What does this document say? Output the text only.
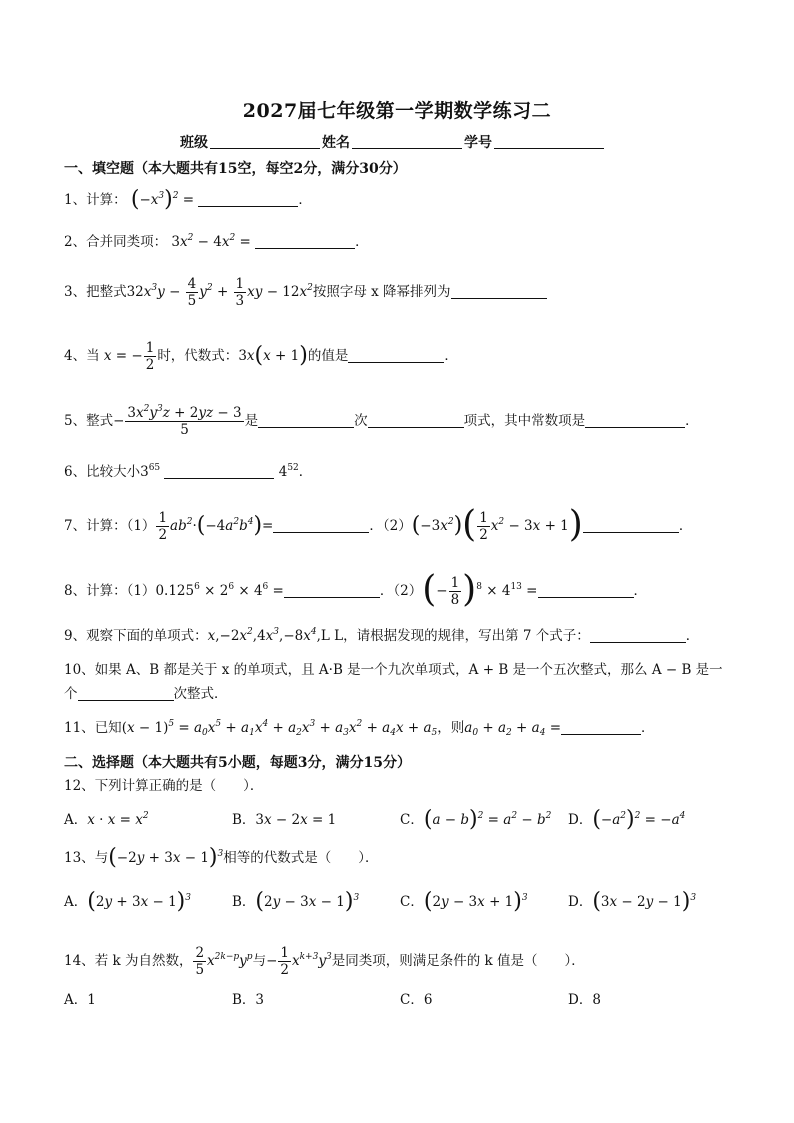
2027届七年级第一学期数学练习二
班级	姓名	学号
一、填空题（本大题共有15空，每空2分，满分30分）
1、计算： $(-x^3)^2$ =	．
2、合并同类项： $3x^2 - 4x^2$ =	．
3、把整式$32x^3y - \frac{4}{5} y^2 + \frac{1}{3}$ xy − $12x^2$按照字母 x 降幂排列为
4、当 x = − $\frac{1}{2}$ 时，代数式：3x(x + 1)的值是	．
5、整式− $\frac{3x^2y^3z + 2yz - 3}{5}$ 是	次	项式，其中常数项是	．
6、比较大小$3^{65}$	$4^{52}$．
7、计算：$(1) \frac{1}{2} ab^2\cdot(-4a^2b^4)=$	．$(2)(-3x^2)( \frac{1}{2} x^2 - 3x + 1)$	．
8、计算：$(1)0.125^6 \times 2^6 \times 4^6$ =	．$(2)(- \frac{1}{8} )^8 \times 4^{13}$ =	．
9、观察下面的单项式：$x,-2x^2,4x^3,-8x^4,L$ L，请根据发现的规律，写出第 7 个式子：	．
10、如果 A、B 都是关于 x 的单项式，且 A·B 是一个九次单项式，A + B 是一个五次整式，那么 A − B 是一
个	次整式．
11、已知$(x - 1)^5 = a_0x^5 + a_1x^4 + a_2x^3 + a_3x^2 + a_4x + a_5$，则$a_0 + a_2 + a_4$ =	．
二、选择题（本大题共有5小题，每题3分，满分15分）
12、下列计算正确的是（　　）．
A．$x \cdot x = x^2$	B．3x − 2x = 1	C．$(a - b)^2 = a^2 - b^2$ D．$(-a^2)^2 = -a^4$
13、与$(-2y + 3x - 1)^3$相等的代数式是（　　）．
A．$(2y + 3x - 1)^3$	B．$(2y - 3x - 1)^3$	C．$(2y - 3x + 1)^3$	D．$(3x - 2y - 1)^3$
14、若 k 为自然数， $\frac{2}{5} x^{2k-p}y^p$与− $\frac{1}{2} x^{k+3}y^3$是同类项，则满足条件的 k 值是（　　）．
A．1	B．3	C．6	D．8
